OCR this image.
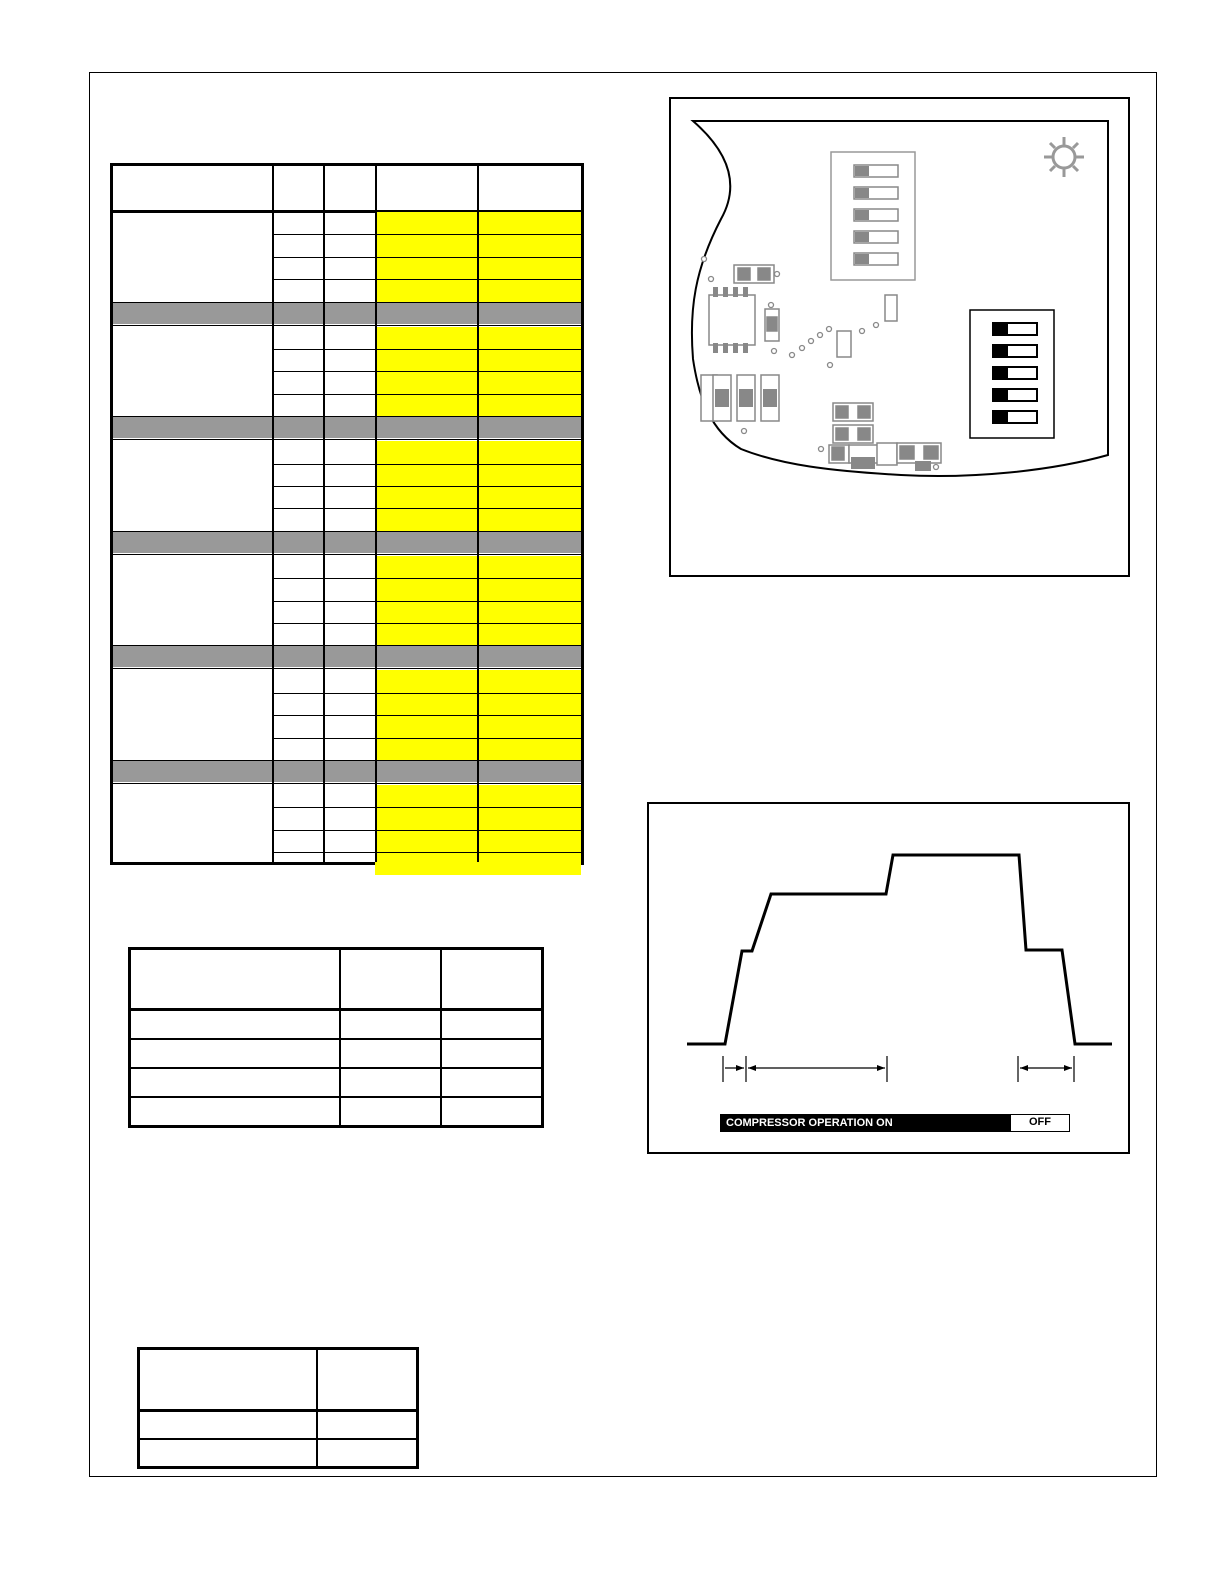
COMPRESSOR OPERATION ON	OFF
